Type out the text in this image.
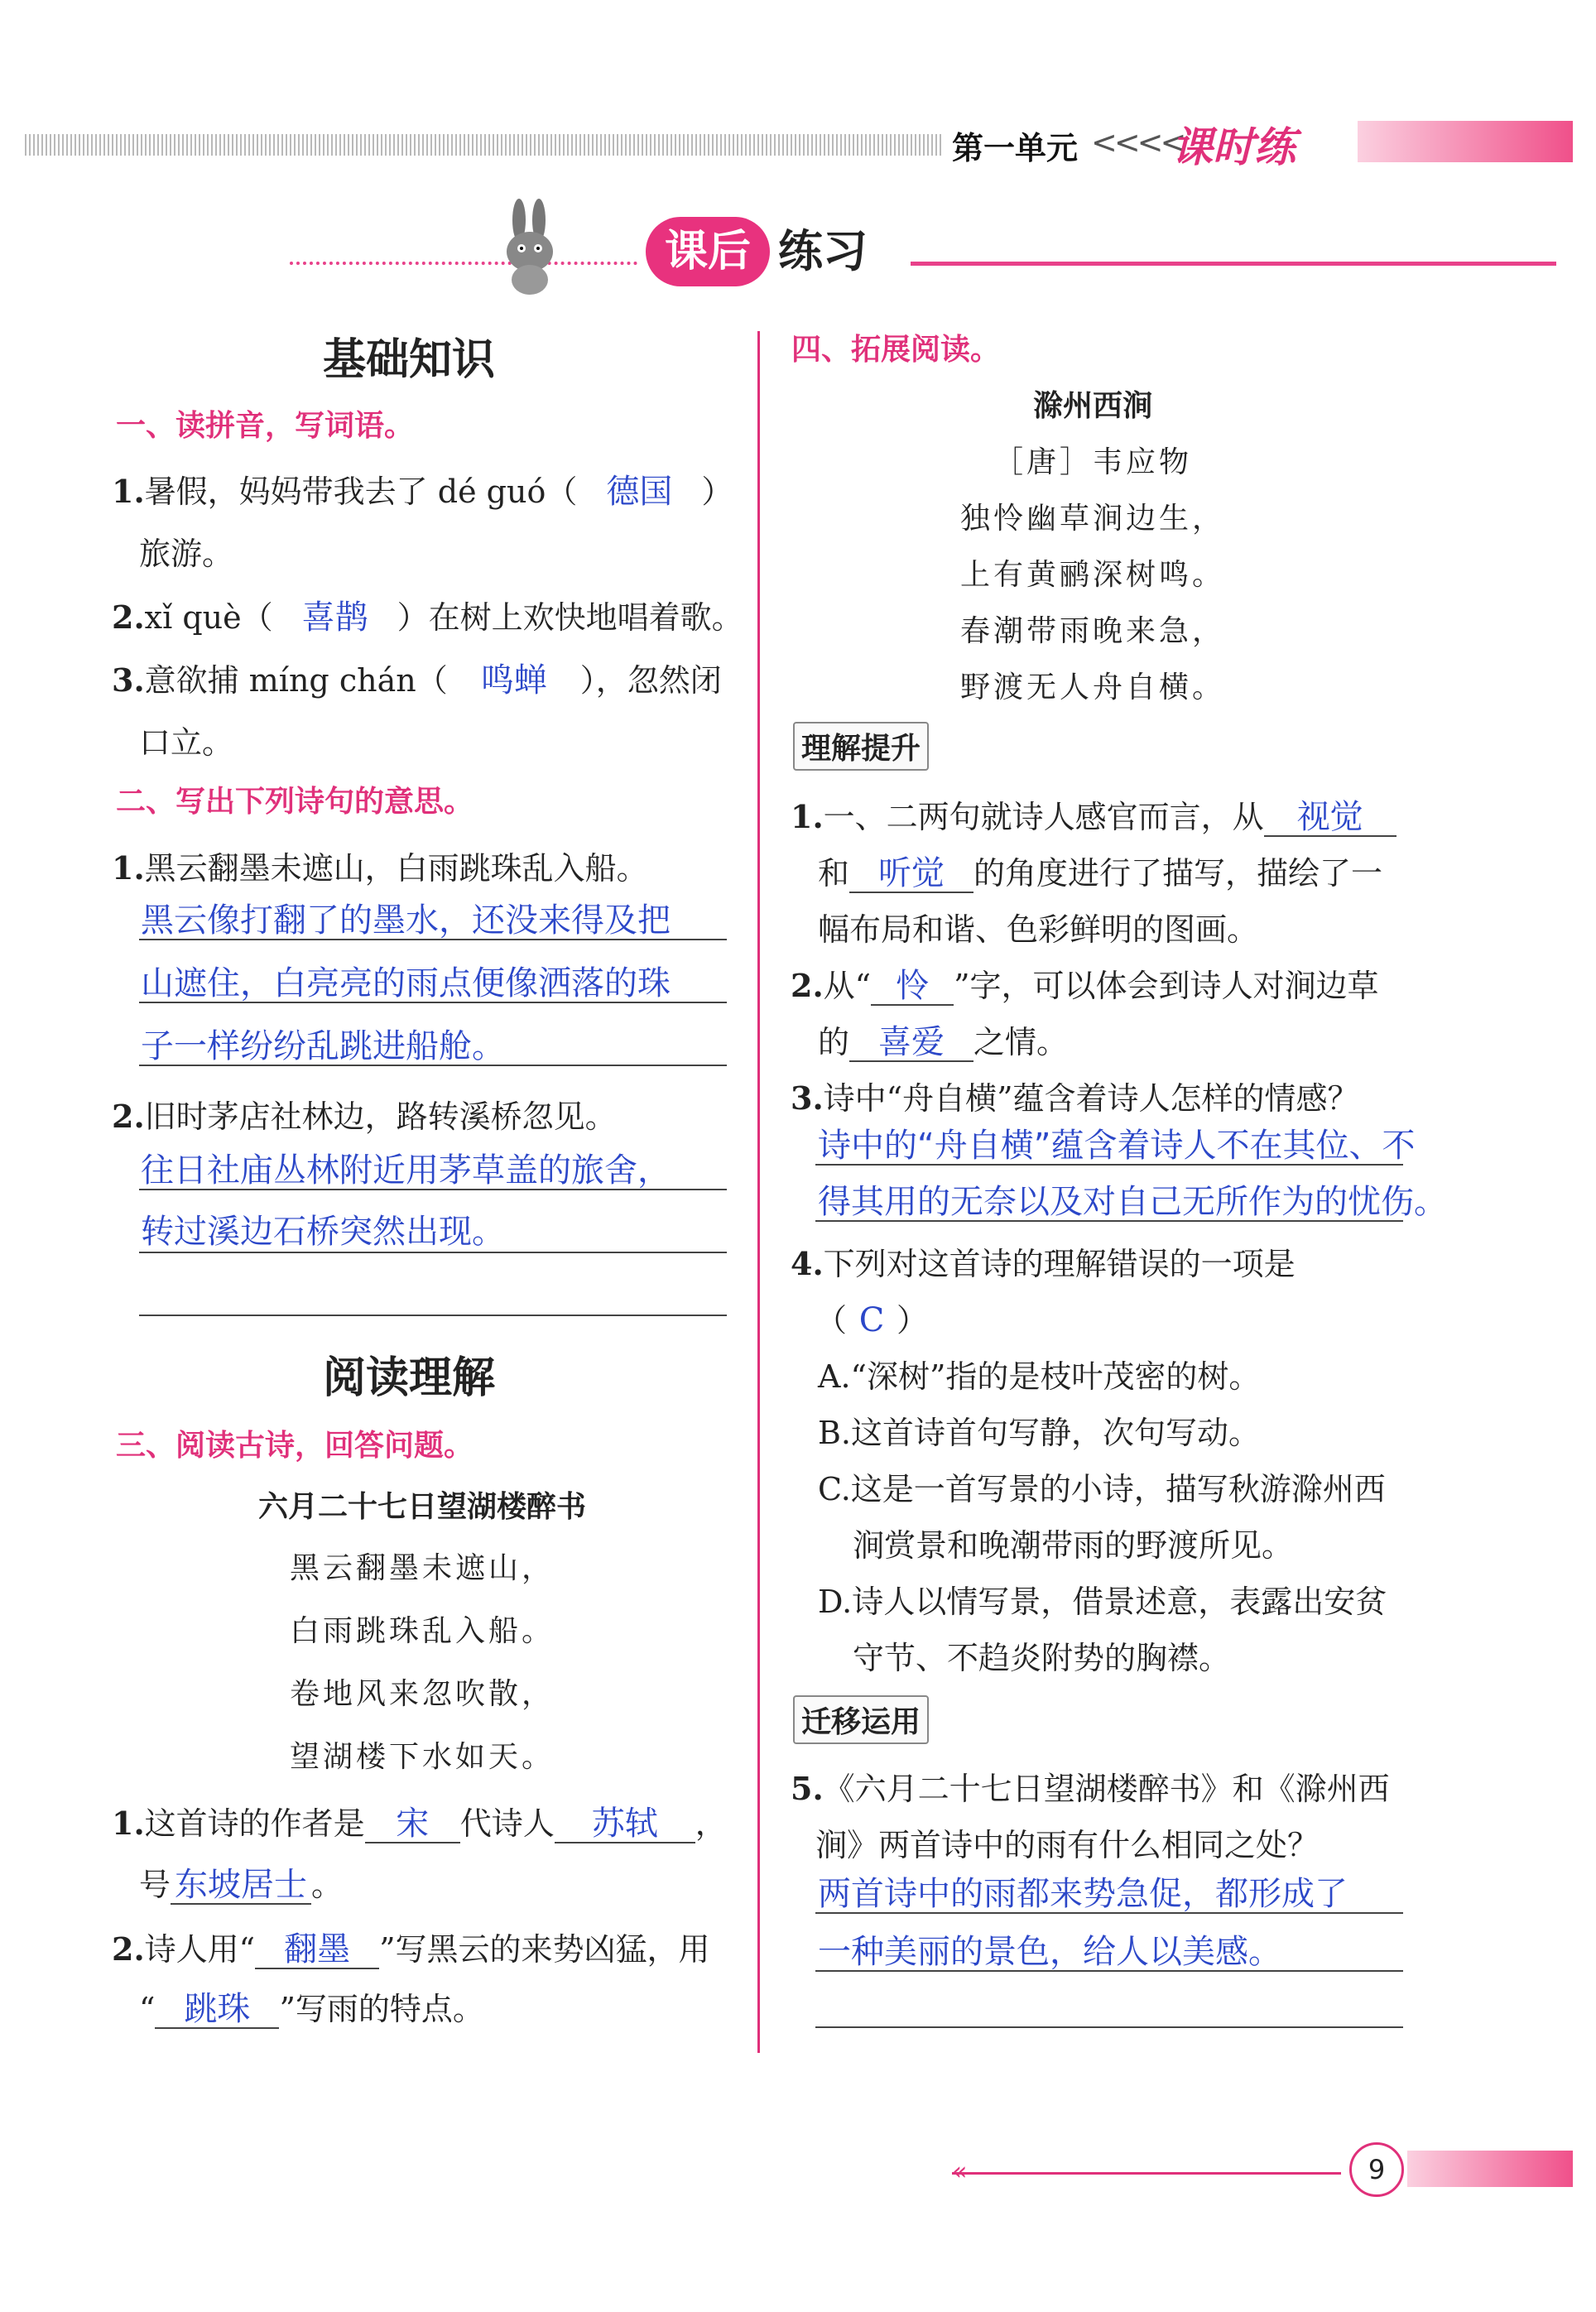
第一单元 <<<<
课时练
课后 练习
基础知识
一、读拼音，写词语。
1.暑假，妈妈带我去了 dé guó（ 德国 ）
旅游。
2.xǐ què（ 喜鹊 ）在树上欢快地唱着歌。
3.意欲捕 míng chán（ 鸣蝉 ），忽然闭
口立。
二、写出下列诗句的意思。
1.黑云翻墨未遮山，白雨跳珠乱入船。
黑云像打翻了的墨水，还没来得及把
山遮住，白亮亮的雨点便像洒落的珠
子一样纷纷乱跳进船舱。
2.旧时茅店社林边，路转溪桥忽见。
往日社庙丛林附近用茅草盖的旅舍，
转过溪边石桥突然出现。
阅读理解
三、阅读古诗，回答问题。
六月二十七日望湖楼醉书
黑云翻墨未遮山，
白雨跳珠乱入船。
卷地风来忽吹散，
望湖楼下水如天。
1.这首诗的作者是 宋 代诗人 苏轼 ，
号 东坡居士 。
2.诗人用“ 翻墨 ”写黑云的来势凶猛，用
“ 跳珠 ”写雨的特点。
四、拓展阅读。
滁州西涧
［唐］韦应物
独怜幽草涧边生，
上有黄鹂深树鸣。
春潮带雨晚来急，
野渡无人舟自横。
理解提升
1.一、二两句就诗人感官而言，从 视觉
和 听觉 的角度进行了描写，描绘了一
幅布局和谐、色彩鲜明的图画。
2.从“ 怜 ”字，可以体会到诗人对涧边草
的 喜爱 之情。
3.诗中“舟自横”蕴含着诗人怎样的情感？
诗中的“舟自横”蕴含着诗人不在其位、不
得其用的无奈以及对自己无所作为的忧伤。
4.下列对这首诗的理解错误的一项是
（ C ）
A.“深树”指的是枝叶茂密的树。
B.这首诗首句写静，次句写动。
C.这是一首写景的小诗，描写秋游滁州西
涧赏景和晚潮带雨的野渡所见。
D.诗人以情写景，借景述意，表露出安贫
守节、不趋炎附势的胸襟。
迁移运用
5.《六月二十七日望湖楼醉书》和《滁州西
涧》两首诗中的雨有什么相同之处？
两首诗中的雨都来势急促，都形成了
一种美丽的景色，给人以美感。
«	9
